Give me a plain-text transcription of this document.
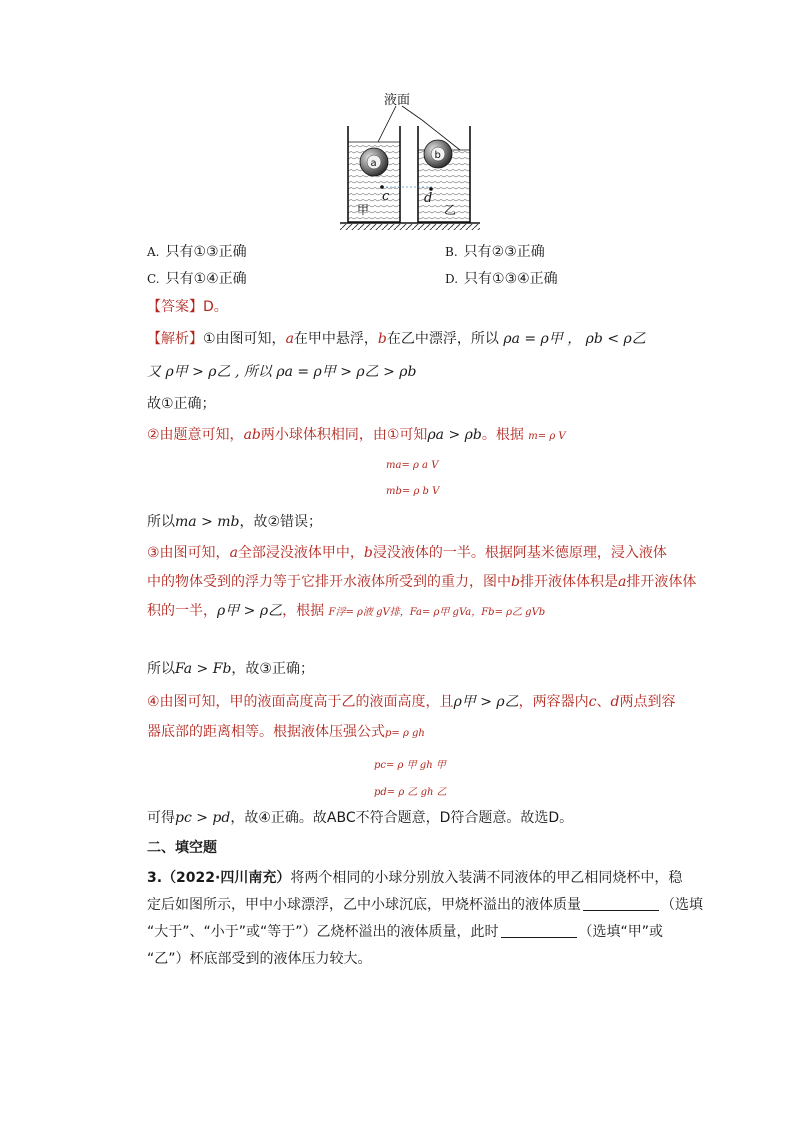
液面
a
b
c	d
甲	乙
A. 只有①③正确	B. 只有②③正确
C. 只有①④正确	D. 只有①③④正确
【答案】D。
【解析】①由图可知，a在甲中悬浮，b在乙中漂浮，所以 ρa = ρ甲 ， ρb < ρ乙
又 ρ甲 > ρ乙 , 所以 ρa = ρ甲 > ρ乙 > ρb
故①正确；
②由题意可知，ab两小球体积相同，由①可知ρa > ρb。根据 m= ρ V
ma= ρ a V
mb= ρ b V
所以ma > mb，故②错误；
③由图可知，a全部浸没液体甲中，b浸没液体的一半。根据阿基米德原理，浸入液体
中的物体受到的浮力等于它排开水液体所受到的重力，图中b排开液体体积是a排开液体体
积的一半，ρ甲 > ρ乙，根据 F浮= ρ液 gV排，Fa= ρ甲 gVa，Fb= ρ乙 gVb
所以Fa > Fb，故③正确；
④由图可知，甲的液面高度高于乙的液面高度，且ρ甲 > ρ乙，两容器内c、d两点到容
器底部的距离相等。根据液体压强公式p= ρ gh
pc= ρ 甲 gh 甲
pd= ρ 乙 gh 乙
可得pc > pd，故④正确。故ABC不符合题意，D符合题意。故选D。
二、填空题
3.（2022·四川南充）将两个相同的小球分别放入装满不同液体的甲乙相同烧杯中，稳
定后如图所示，甲中小球漂浮，乙中小球沉底，甲烧杯溢出的液体质量	（选填
“大于”、“小于”或“等于”）乙烧杯溢出的液体质量，此时	（选填“甲”或
“乙”）杯底部受到的液体压力较大。
